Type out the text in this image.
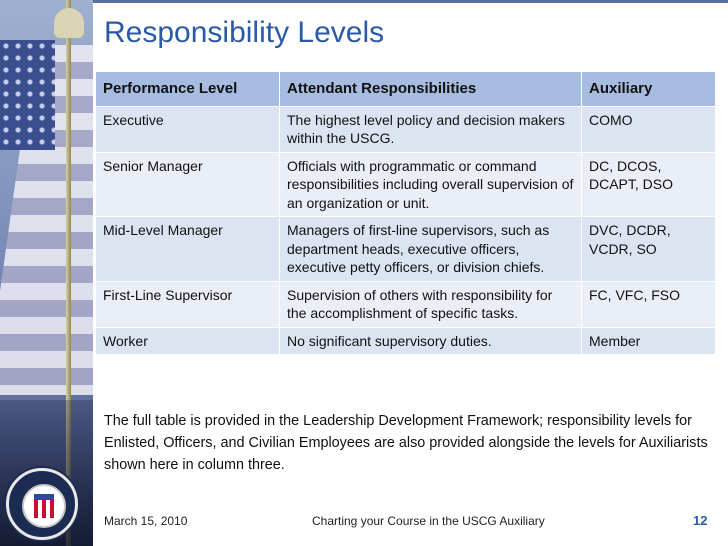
Responsibility Levels
Performance Level	Attendant Responsibilities	Auxiliary
Executive	The highest level policy and decision makers within the USCG.	COMO
Senior Manager	Officials with programmatic or command responsibilities including overall supervision of an organization or unit.	DC, DCOS, DCAPT, DSO
Mid-Level Manager	Managers of first-line supervisors, such as department heads, executive officers, executive petty officers, or division chiefs.	DVC, DCDR, VCDR, SO
First-Line Supervisor	Supervision of others with responsibility for the accomplishment of specific tasks.	FC, VFC, FSO
Worker	No significant supervisory duties.	Member

The full table is provided in the Leadership Development Framework; responsibility levels for Enlisted, Officers, and Civilian Employees are also provided alongside the levels for Auxiliarists shown here in column three.

March 15, 2010	Charting your Course in the USCG Auxiliary	12
